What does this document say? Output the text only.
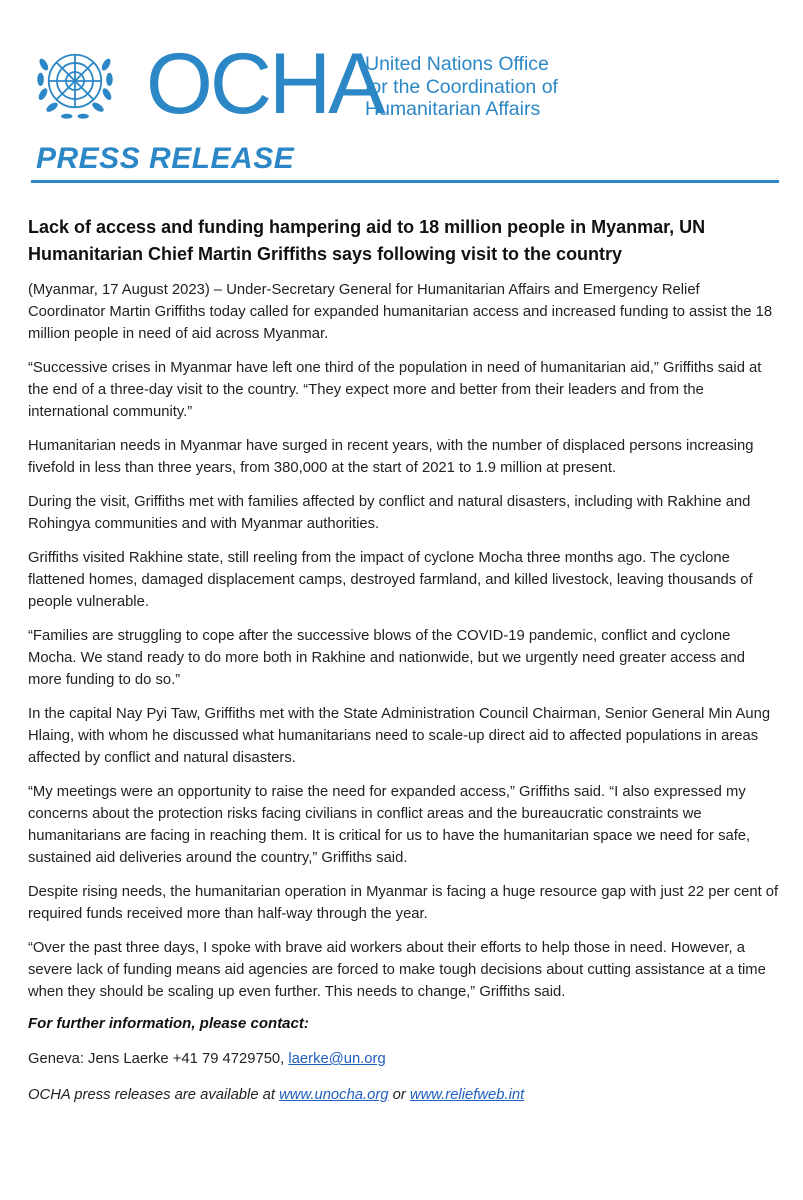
OCHA
United Nations Office
for the Coordination of
Humanitarian Affairs
PRESS RELEASE
Lack of access and funding hampering aid to 18 million people in Myanmar, UN Humanitarian Chief Martin Griffiths says following visit to the country

(Myanmar, 17 August 2023) – Under-Secretary General for Humanitarian Affairs and Emergency Relief Coordinator Martin Griffiths today called for expanded humanitarian access and increased funding to assist the 18 million people in need of aid across Myanmar.

“Successive crises in Myanmar have left one third of the population in need of humanitarian aid,” Griffiths said at the end of a three-day visit to the country. “They expect more and better from their leaders and from the international community.”

Humanitarian needs in Myanmar have surged in recent years, with the number of displaced persons increasing fivefold in less than three years, from 380,000 at the start of 2021 to 1.9 million at present.

During the visit, Griffiths met with families affected by conflict and natural disasters, including with Rakhine and Rohingya communities and with Myanmar authorities.

Griffiths visited Rakhine state, still reeling from the impact of cyclone Mocha three months ago. The cyclone flattened homes, damaged displacement camps, destroyed farmland, and killed livestock, leaving thousands of people vulnerable.

“Families are struggling to cope after the successive blows of the COVID-19 pandemic, conflict and cyclone Mocha. We stand ready to do more both in Rakhine and nationwide, but we urgently need greater access and more funding to do so.”

In the capital Nay Pyi Taw, Griffiths met with the State Administration Council Chairman, Senior General Min Aung Hlaing, with whom he discussed what humanitarians need to scale-up direct aid to affected populations in areas affected by conflict and natural disasters.

“My meetings were an opportunity to raise the need for expanded access,” Griffiths said. “I also expressed my concerns about the protection risks facing civilians in conflict areas and the bureaucratic constraints we humanitarians are facing in reaching them. It is critical for us to have the humanitarian space we need for safe, sustained aid deliveries around the country,” Griffiths said.

Despite rising needs, the humanitarian operation in Myanmar is facing a huge resource gap with just 22 per cent of required funds received more than half-way through the year.

“Over the past three days, I spoke with brave aid workers about their efforts to help those in need. However, a severe lack of funding means aid agencies are forced to make tough decisions about cutting assistance at a time when they should be scaling up even further. This needs to change,” Griffiths said.

For further information, please contact:

Geneva: Jens Laerke +41 79 4729750, laerke@un.org

OCHA press releases are available at www.unocha.org or www.reliefweb.int
